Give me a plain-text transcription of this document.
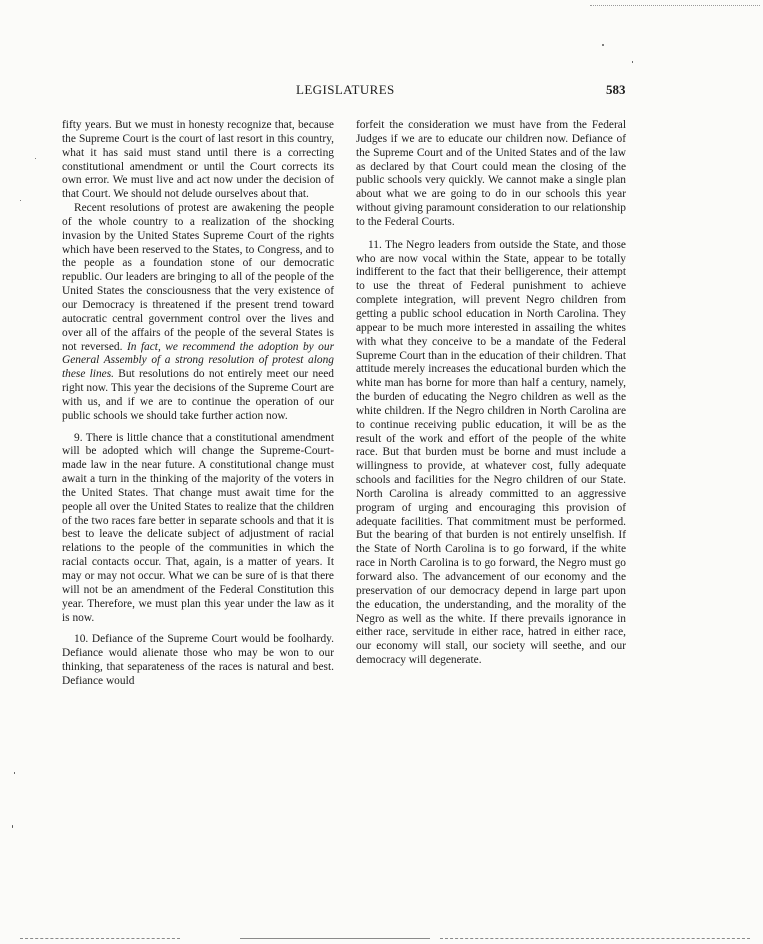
LEGISLATURES	583

fifty years. But we must in honesty recognize that, because the Supreme Court is the court of last resort in this country, what it has said must stand until there is a correcting constitutional amendment or until the Court corrects its own error. We must live and act now under the decision of that Court. We should not delude ourselves about that.

Recent resolutions of protest are awakening the people of the whole country to a realization of the shocking invasion by the United States Supreme Court of the rights which have been reserved to the States, to Congress, and to the people as a foundation stone of our democratic republic. Our leaders are bringing to all of the people of the United States the consciousness that the very existence of our Democracy is threatened if the present trend toward autocratic central government control over the lives and over all of the affairs of the people of the several States is not reversed. In fact, we recommend the adoption by our General Assembly of a strong resolution of protest along these lines. But resolutions do not entirely meet our need right now. This year the decisions of the Supreme Court are with us, and if we are to continue the operation of our public schools we should take further action now.

9. There is little chance that a constitutional amendment will be adopted which will change the Supreme-Court-made law in the near future. A constitutional change must await a turn in the thinking of the majority of the voters in the United States. That change must await time for the people all over the United States to realize that the children of the two races fare better in separate schools and that it is best to leave the delicate subject of adjustment of racial relations to the people of the communities in which the racial contacts occur. That, again, is a matter of years. It may or may not occur. What we can be sure of is that there will not be an amendment of the Federal Constitution this year. Therefore, we must plan this year under the law as it is now.

10. Defiance of the Supreme Court would be foolhardy. Defiance would alienate those who may be won to our thinking, that separateness of the races is natural and best. Defiance would

forfeit the consideration we must have from the Federal Judges if we are to educate our children now. Defiance of the Supreme Court and of the United States and of the law as declared by that Court could mean the closing of the public schools very quickly. We cannot make a single plan about what we are going to do in our schools this year without giving paramount consideration to our relationship to the Federal Courts.

11. The Negro leaders from outside the State, and those who are now vocal within the State, appear to be totally indifferent to the fact that their belligerence, their attempt to use the threat of Federal punishment to achieve complete integration, will prevent Negro children from getting a public school education in North Carolina. They appear to be much more interested in assailing the whites with what they conceive to be a mandate of the Federal Supreme Court than in the education of their children. That attitude merely increases the educational burden which the white man has borne for more than half a century, namely, the burden of educating the Negro children as well as the white children. If the Negro children in North Carolina are to continue receiving public education, it will be as the result of the work and effort of the people of the white race. But that burden must be borne and must include a willingness to provide, at whatever cost, fully adequate schools and facilities for the Negro children of our State. North Carolina is already committed to an aggressive program of urging and encouraging this provision of adequate facilities. That commitment must be performed. But the bearing of that burden is not entirely unselfish. If the State of North Carolina is to go forward, if the white race in North Carolina is to go forward, the Negro must go forward also. The advancement of our economy and the preservation of our democracy depend in large part upon the education, the understanding, and the morality of the Negro as well as the white. If there prevails ignorance in either race, servitude in either race, hatred in either race, our economy will stall, our society will seethe, and our democracy will degenerate.
